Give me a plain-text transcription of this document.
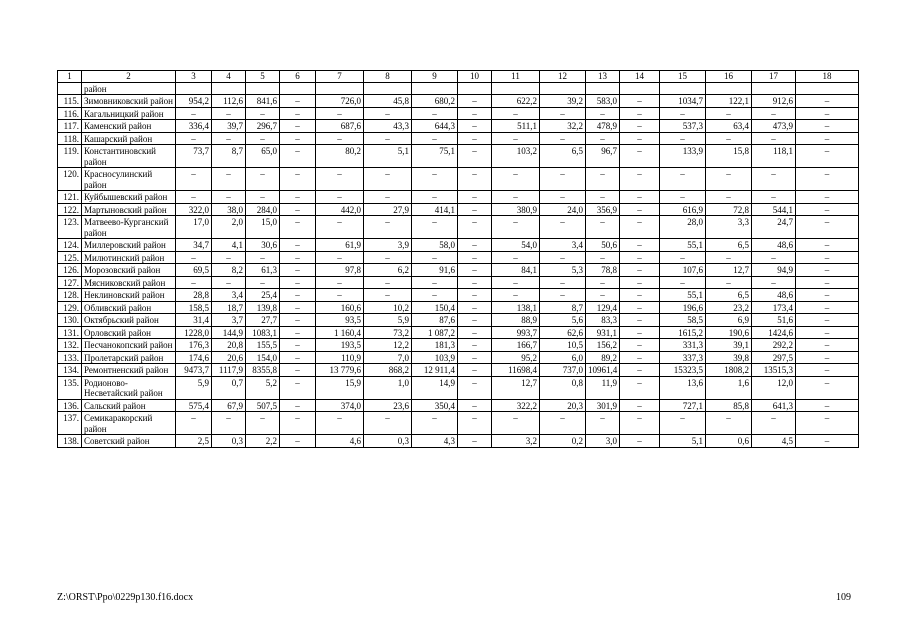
1	2	3	4	5	6	7	8	9	10	11	12	13	14	15	16	17	18
	район																
115.	Зимовниковский район	954,2	112,6	841,6	–	726,0	45,8	680,2	–	622,2	39,2	583,0	–	1034,7	122,1	912,6	–
116.	Кагальницкий район	–	–	–	–	–	–	–	–	–	–	–	–	–	–	–	–
117.	Каменский район	336,4	39,7	296,7	–	687,6	43,3	644,3	–	511,1	32,2	478,9	–	537,3	63,4	473,9	–
118.	Кашарский район	–	–	–	–	–	–	–	–	–	–	–	–	–	–	–	–
119.	Константиновский район	73,7	8,7	65,0	–	80,2	5,1	75,1	–	103,2	6,5	96,7	–	133,9	15,8	118,1	–
120.	Красносулинский район	–	–	–	–	–	–	–	–	–	–	–	–	–	–	–	–
121.	Куйбышевский район	–	–	–	–	–	–	–	–	–	–	–	–	–	–	–	–
122.	Мартыновский район	322,0	38,0	284,0	–	442,0	27,9	414,1	–	380,9	24,0	356,9	–	616,9	72,8	544,1	–
123.	Матвеево-Курганский район	17,0	2,0	15,0	–	–	–	–	–	–	–	–	–	28,0	3,3	24,7	–
124.	Миллеровский район	34,7	4,1	30,6	–	61,9	3,9	58,0	–	54,0	3,4	50,6	–	55,1	6,5	48,6	–
125.	Милютинский район	–	–	–	–	–	–	–	–	–	–	–	–	–	–	–	–
126.	Морозовский район	69,5	8,2	61,3	–	97,8	6,2	91,6	–	84,1	5,3	78,8	–	107,6	12,7	94,9	–
127.	Мясниковский район	–	–	–	–	–	–	–	–	–	–	–	–	–	–	–	–
128.	Неклиновский район	28,8	3,4	25,4	–	–	–	–	–	–	–	–	–	55,1	6,5	48,6	–
129.	Обливский район	158,5	18,7	139,8	–	160,6	10,2	150,4	–	138,1	8,7	129,4	–	196,6	23,2	173,4	–
130.	Октябрьский район	31,4	3,7	27,7	–	93,5	5,9	87,6	–	88,9	5,6	83,3	–	58,5	6,9	51,6	–
131.	Орловский район	1228,0	144,9	1083,1	–	1 160,4	73,2	1 087,2	–	993,7	62,6	931,1	–	1615,2	190,6	1424,6	–
132.	Песчанокопский район	176,3	20,8	155,5	–	193,5	12,2	181,3	–	166,7	10,5	156,2	–	331,3	39,1	292,2	–
133.	Пролетарский район	174,6	20,6	154,0	–	110,9	7,0	103,9	–	95,2	6,0	89,2	–	337,3	39,8	297,5	–
134.	Ремонтненский район	9473,7	1117,9	8355,8	–	13 779,6	868,2	12 911,4	–	11698,4	737,0	10961,4	–	15323,5	1808,2	13515,3	–
135.	Родионово-Несветайский район	5,9	0,7	5,2	–	15,9	1,0	14,9	–	12,7	0,8	11,9	–	13,6	1,6	12,0	–
136.	Сальский район	575,4	67,9	507,5	–	374,0	23,6	350,4	–	322,2	20,3	301,9	–	727,1	85,8	641,3	–
137.	Семикаракорский район	–	–	–	–	–	–	–	–	–	–	–	–	–	–	–	–
138.	Советский район	2,5	0,3	2,2	–	4,6	0,3	4,3	–	3,2	0,2	3,0	–	5,1	0,6	4,5	–
Z:\ORST\Ppo\0229p130.f16.docx	109
